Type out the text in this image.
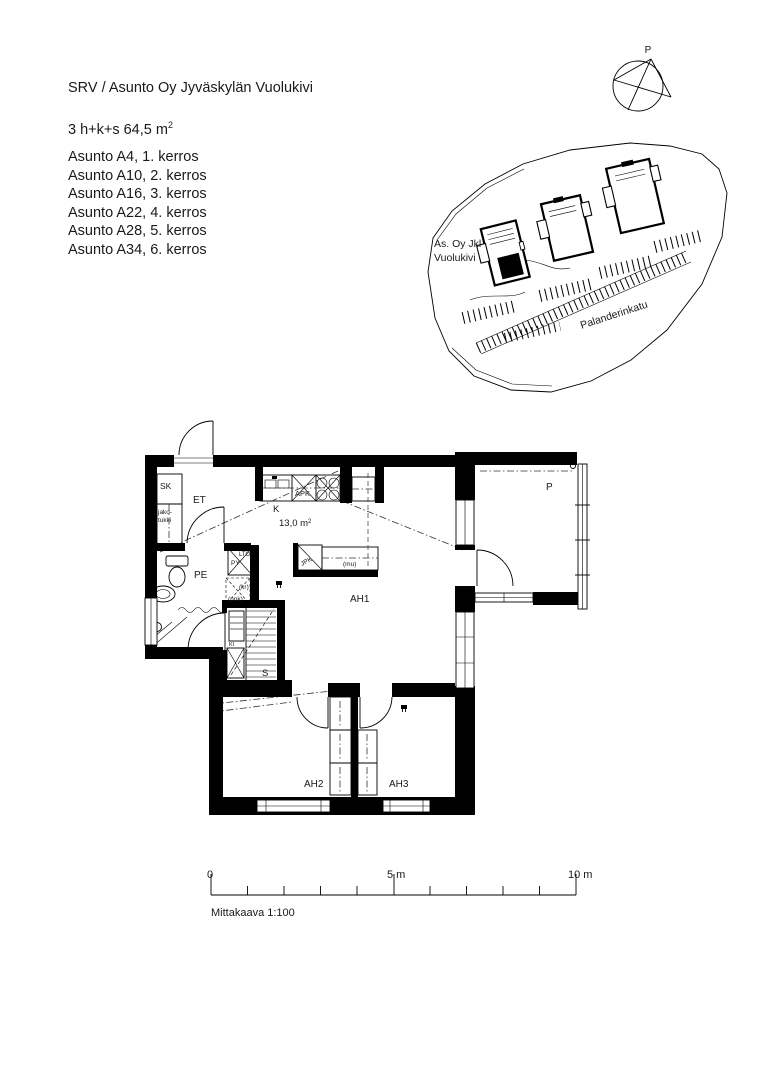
SRV / Asunto Oy Jyväskylän Vuolukivi
3 h+k+s 64,5 $m^2$
Asunto A4, 1. kerros
Asunto A10, 2. kerros
Asunto A16, 3. kerros
Asunto A22, 4. kerros
Asunto A28, 5. kerros
Asunto A34, 6. kerros
P
As. Oy Jkl
Vuolukivi
Palanderinkatu
SK
jako-
tukki
ET
APK
K
13,0 $m^2$
JPK	(mu)
PE
LTO
PY
(kr)
(ppk)
S
KI
AH1
AH2	AH3
P
0	5 m	10 m
Mittakaava 1:100
